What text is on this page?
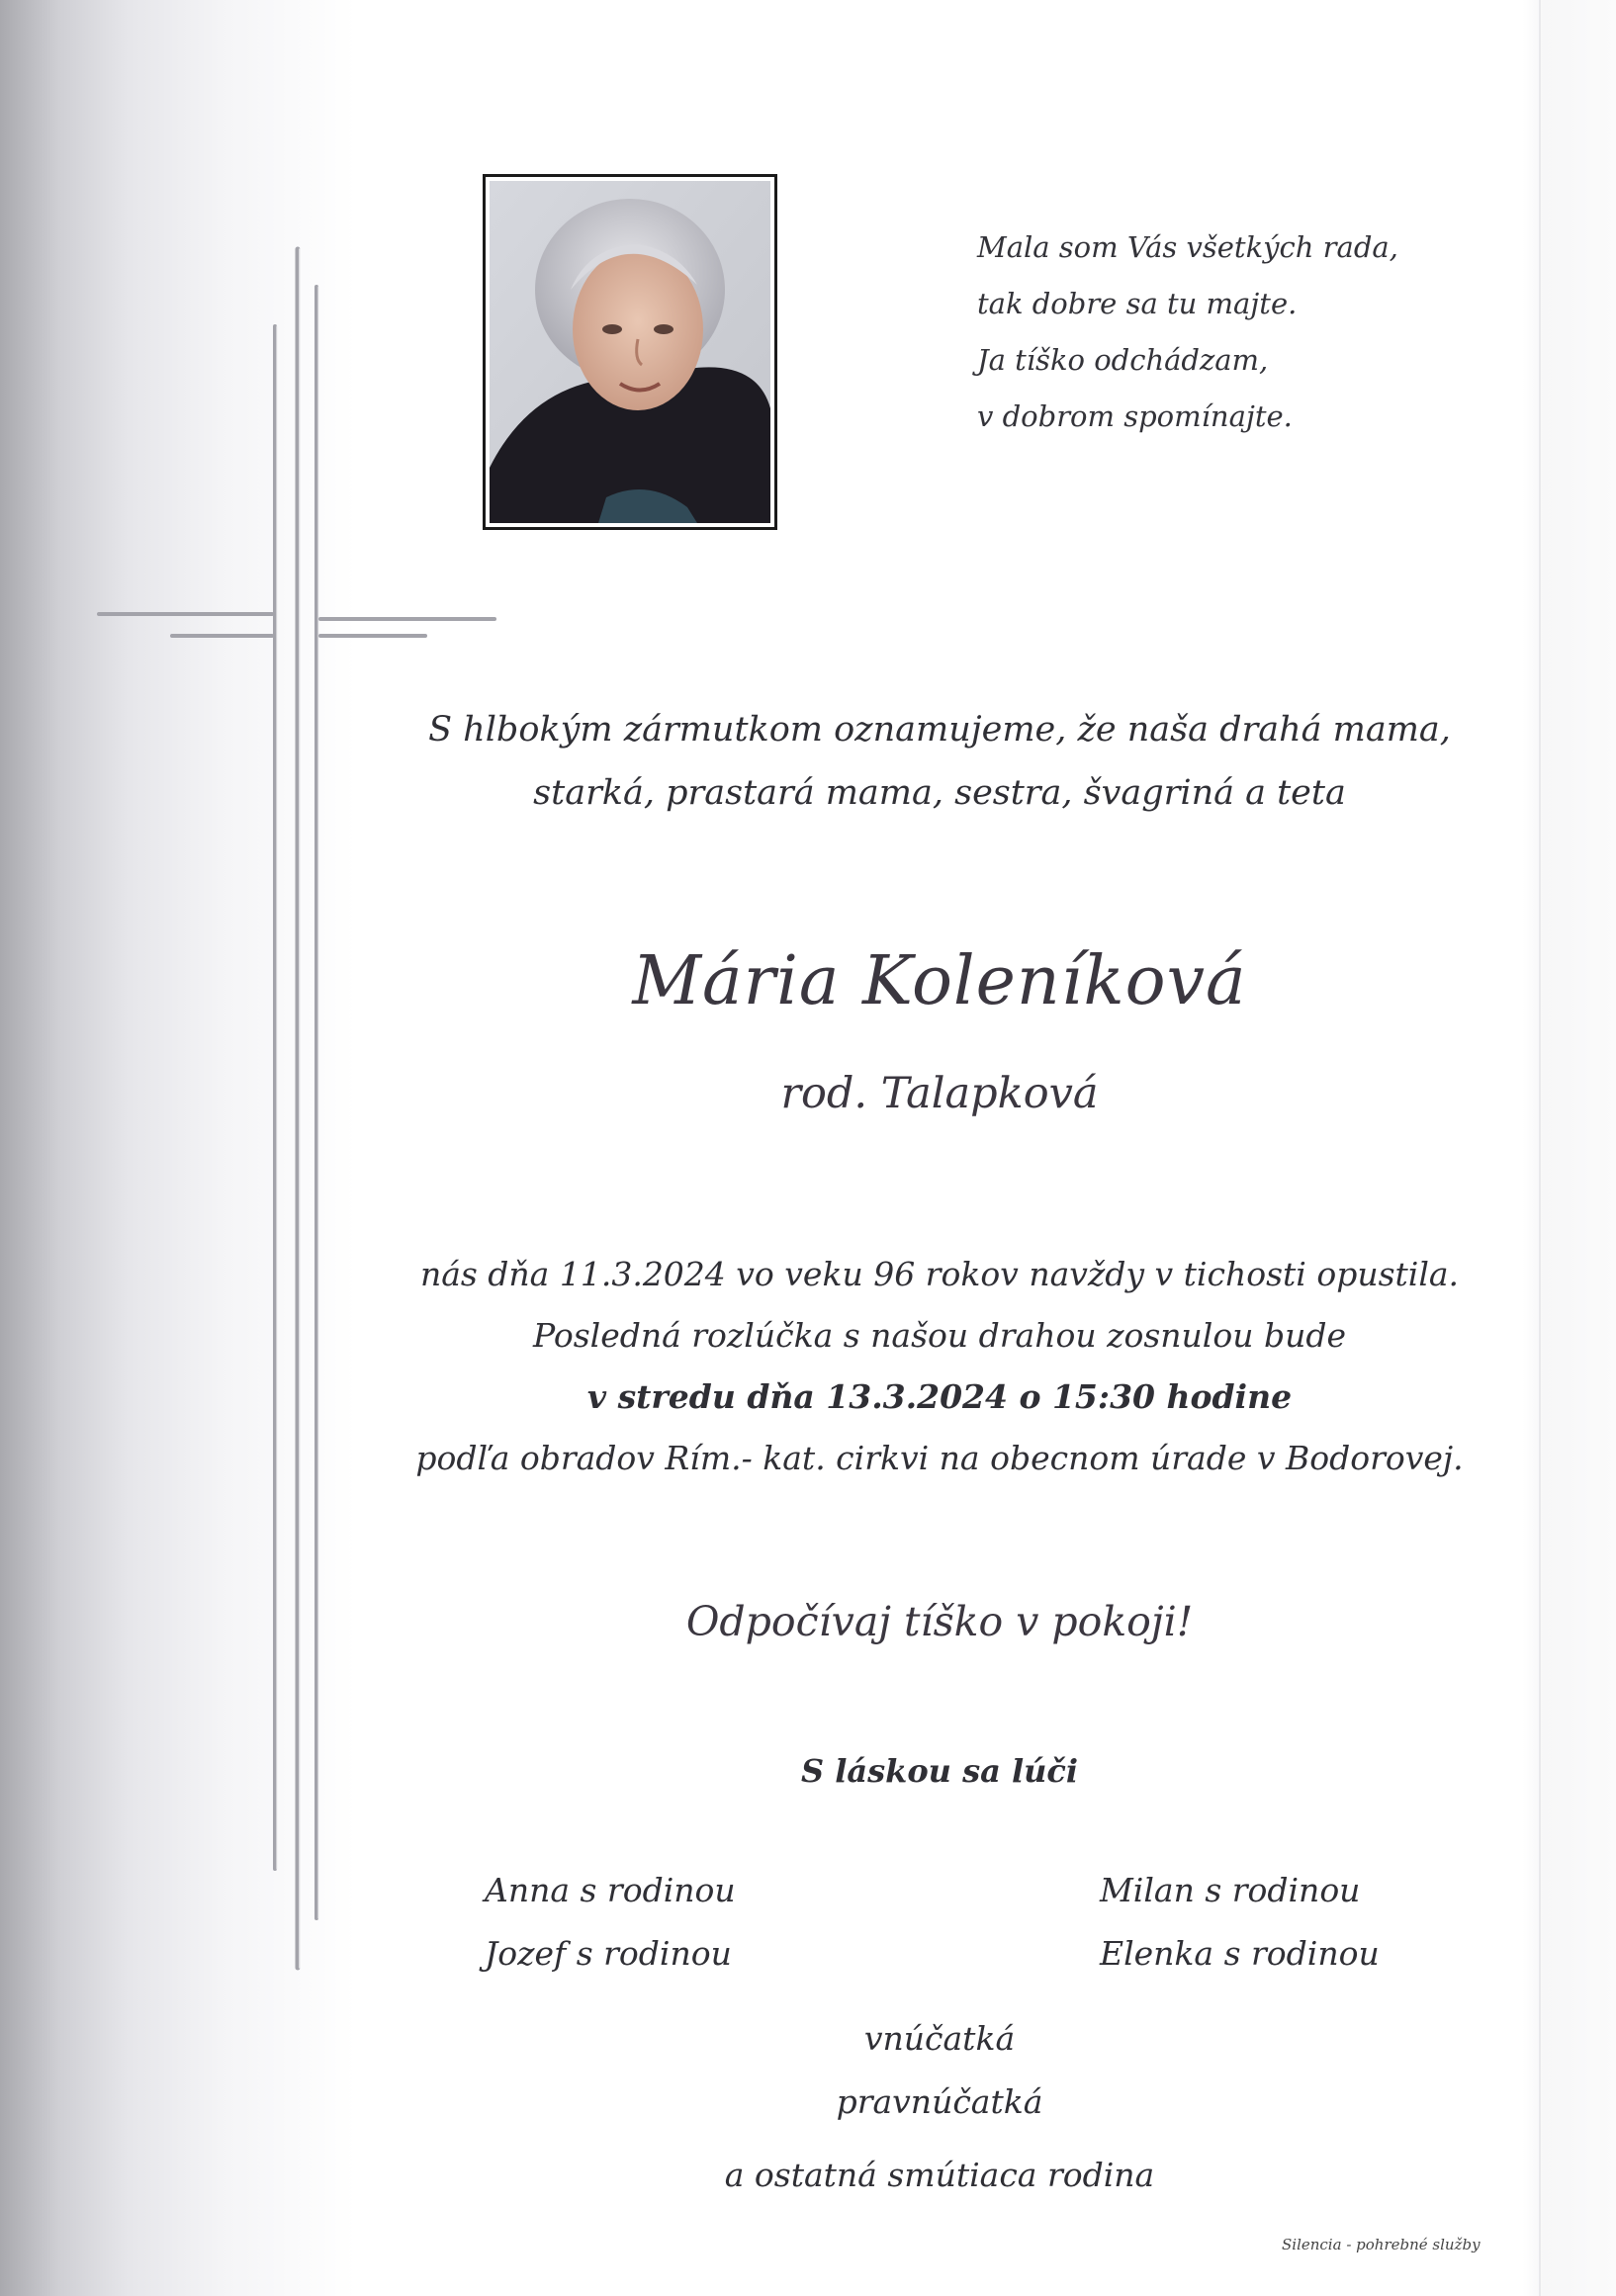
Mala som Vás všetkých rada,
tak dobre sa tu majte.
Ja tíško odchádzam,
v dobrom spomínajte.
S hlbokým zármutkom oznamujeme, že naša drahá mama,
starká, prastará mama, sestra, švagriná a teta
Mária Koleníková
rod. Talapková
nás dňa 11.3.2024 vo veku 96 rokov navždy v tichosti opustila.
Posledná rozlúčka s našou drahou zosnulou bude
v stredu dňa 13.3.2024 o 15:30 hodine
podľa obradov Rím.- kat. cirkvi na obecnom úrade v Bodorovej.
Odpočívaj tíško v pokoji!
S láskou sa lúči
Anna s rodinou
Jozef s rodinou
Milan s rodinou
Elenka s rodinou
vnúčatká
pravnúčatká
a ostatná smútiaca rodina
Silencia - pohrebné služby
